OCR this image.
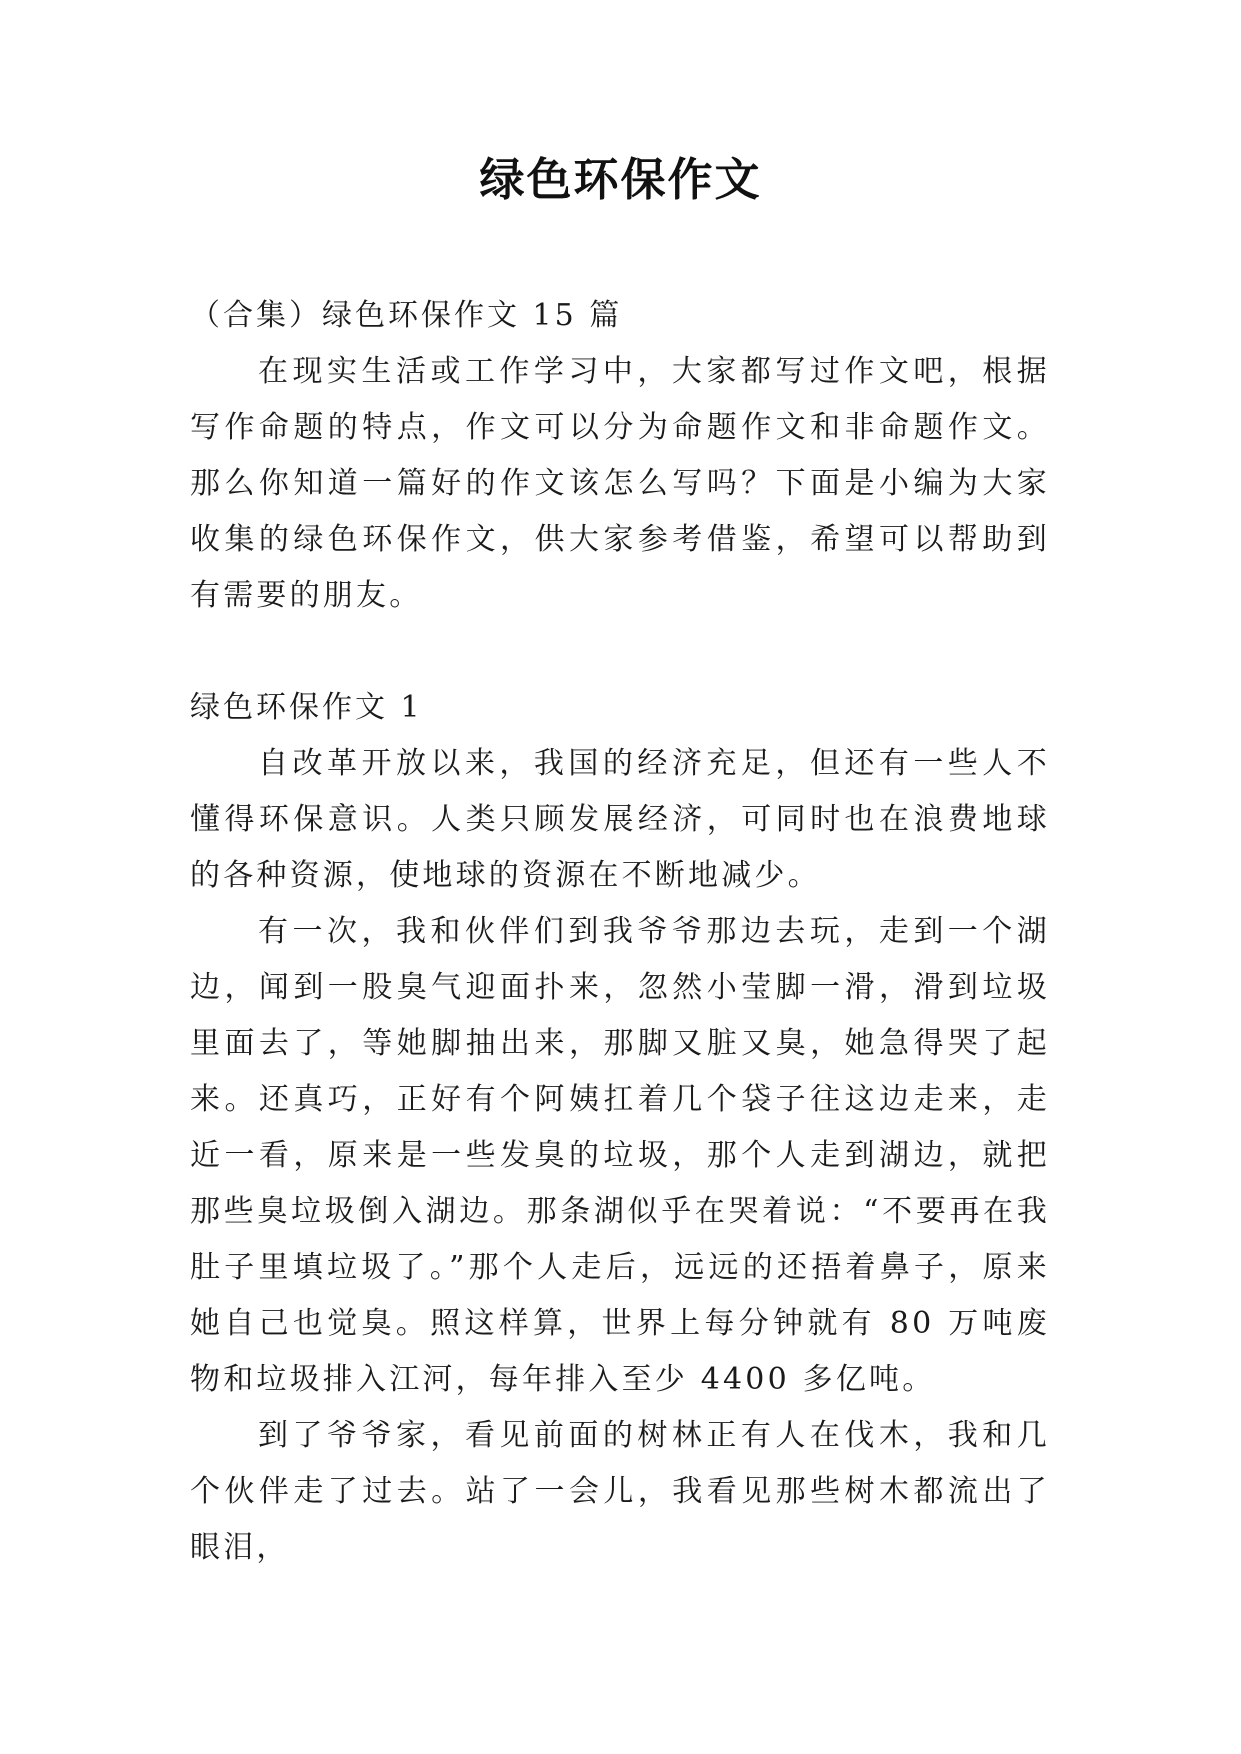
绿色环保作文

（合集）绿色环保作文 15 篇

在现实生活或工作学习中，大家都写过作文吧，根据写作命题的特点，作文可以分为命题作文和非命题作文。那么你知道一篇好的作文该怎么写吗？下面是小编为大家收集的绿色环保作文，供大家参考借鉴，希望可以帮助到有需要的朋友。

绿色环保作文 1

自改革开放以来，我国的经济充足，但还有一些人不懂得环保意识。人类只顾发展经济，可同时也在浪费地球的各种资源，使地球的资源在不断地减少。

有一次，我和伙伴们到我爷爷那边去玩，走到一个湖边，闻到一股臭气迎面扑来，忽然小莹脚一滑，滑到垃圾里面去了，等她脚抽出来，那脚又脏又臭，她急得哭了起来。还真巧，正好有个阿姨扛着几个袋子往这边走来，走近一看，原来是一些发臭的垃圾，那个人走到湖边，就把那些臭垃圾倒入湖边。那条湖似乎在哭着说：“不要再在我肚子里填垃圾了。”那个人走后，远远的还捂着鼻子，原来她自己也觉臭。照这样算，世界上每分钟就有 80 万吨废物和垃圾排入江河，每年排入至少 4400 多亿吨。

到了爷爷家，看见前面的树林正有人在伐木，我和几个伙伴走了过去。站了一会儿，我看见那些树木都流出了眼泪，
